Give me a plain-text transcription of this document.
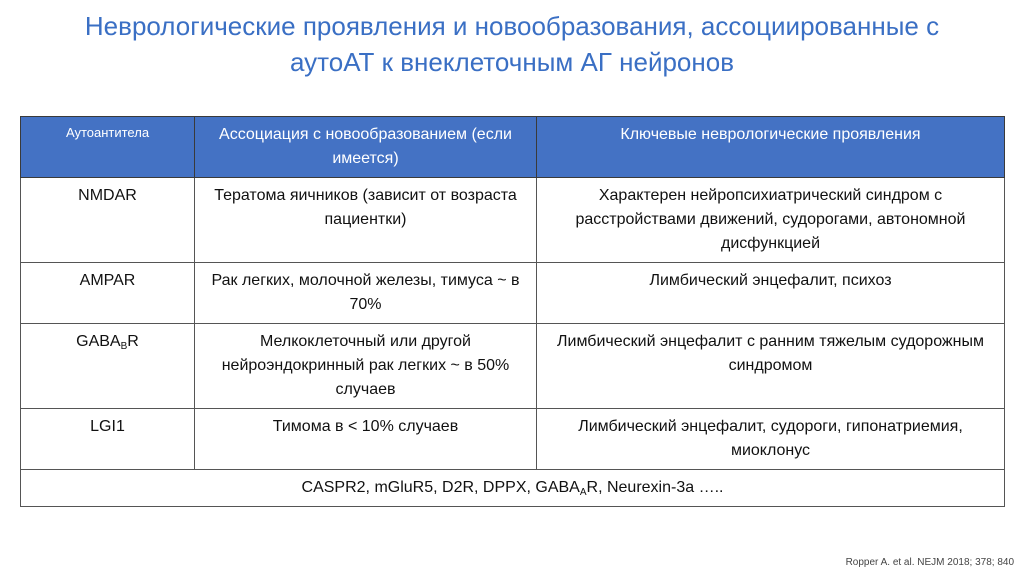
Неврологические проявления и новообразования, ассоциированные с аутоАТ к внеклеточным АГ нейронов
Аутоантитела	Ассоциация с новообразованием (если имеется)	Ключевые неврологические проявления
NMDAR	Тератома яичников (зависит от возраста пациентки)	Характерен нейропсихиатрический синдром с расстройствами движений, судорогами, автономной дисфункцией
AMPAR	Рак легких, молочной железы, тимуса ~ в 70%	Лимбический энцефалит, психоз
$GABA_BR$	Мелкоклеточный или другой нейроэндокринный рак легких ~ в 50% случаев	Лимбический энцефалит с ранним тяжелым судорожным синдромом
LGI1	Тимома в < 10% случаев	Лимбический энцефалит, судороги, гипонатриемия, миоклонус
CASPR2, mGluR5, D2R, DPPX, $GABA_AR$, Neurexin-3a …..		
Ropper A. et al. NEJM 2018; 378; 840
